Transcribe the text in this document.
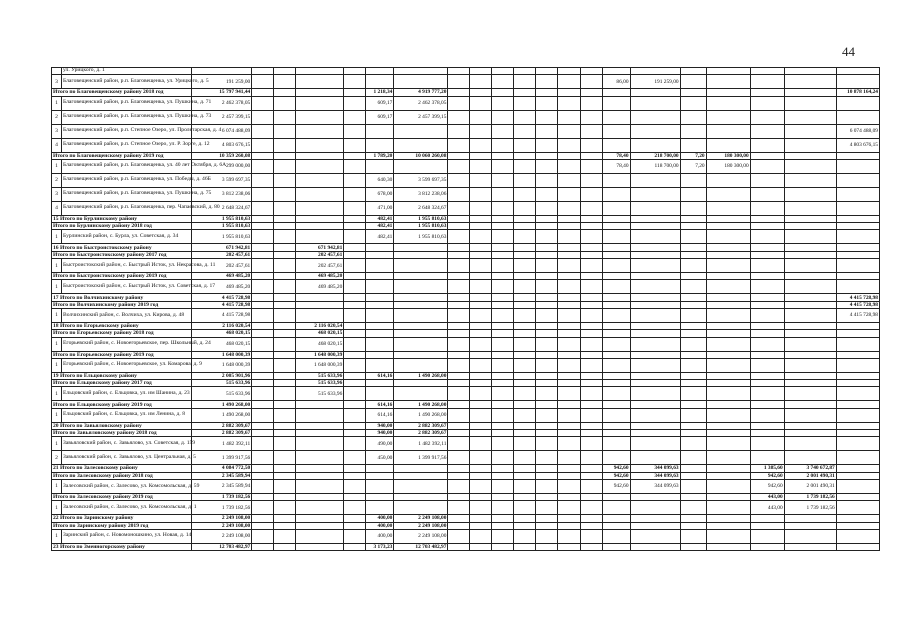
44
	ул. Урицкого, д. 1																					
3	Благовещенский район, р.п. Благовещенка, ул. Урицкого, д. 5	191 259,00														86,00	191 259,00					
Итого по Благовещенскому району 2018 год		15 797 941,44					1 218,34	4 919 777,20														10 878 164,24
1	Благовещенский район, р.п. Благовещенка, ул. Пушкина, д. 71	2 462 378,05					609,17	2 462 378,05														
2	Благовещенский район, р.п. Благовещенка, ул. Пушкина, д. 73	2 457 399,15					609,17	2 457 399,15														
3	Благовещенский район, р.п. Степное Озеро, ул. Пролетарская, д. 4	6 074 488,09																				6 074 488,09
4	Благовещенский район, р.п. Степное Озеро, ул. Р. Зорге, д. 12	4 803 676,15																				4 803 676,15
Итого по Благовещенскому району 2019 год		10 359 260,08					1 789,20	10 060 260,08								78,40	218 700,00	7,20	180 300,00			
1	Благовещенский район, р.п. Благовещенка, ул. 40 лет Октября, д. 6А	299 000,00														78,40	118 700,00	7,20	180 300,00			
2	Благовещенский район, р.п. Благовещенка, ул. Победы, д. 46Б	3 599 697,35					640,30	3 599 697,35														
3	Благовещенский район, р.п. Благовещенка, ул. Пушкина, д. 75	3 812 238,06					678,00	3 812 238,06														
4	Благовещенский район, р.п. Благовещенка, пер. Чапаевский, д. 80	2 648 324,67					471,00	2 648 324,67														
15 Итого по Бурлинскому району		1 955 810,63					482,41	1 955 810,63														
Итого по Бурлинскому району 2018 год		1 955 810,63					482,41	1 955 810,63														
1	Бурлинский район, с. Бурла, ул. Советская, д. 34	1 955 810,63					482,41	1 955 810,63														
16 Итого по Быстроистокскому району		671 942,81			671 942,81																	
Итого по Быстроистокскому району 2017 год		202 457,61			202 457,61																	
1	Быстроистокский район, с. Быстрый Исток, ул. Некрасова, д. 11	202 457,61			202 457,61																	
Итого по Быстроистокскому району 2019 год		469 485,20			469 485,20																	
1	Быстроистокский район, с. Быстрый Исток, ул. Советская, д. 17	469 485,20			469 485,20																	
17 Итого по Волчихинскому району		4 415 728,98																				4 415 728,98
Итого по Волчихинскому району 2019 год		4 415 728,98																				4 415 728,98
1	Волчихинский район, с. Волчиха, ул. Кирова, д. 48	4 415 728,98																				4 415 728,98
18 Итого по Егорьевскому району		2 116 020,54			2 116 020,54																	
Итого по Егорьевскому району 2018 год		468 020,15			468 020,15																	
1	Егорьевский район, с. Новоегорьевское, пер. Школьный, д. 24	468 020,15			468 020,15																	
Итого по Егорьевскому району 2019 год		1 648 000,39			1 648 000,39																	
1	Егорьевский район, с. Новоегорьевское, ул. Комарова, д. 9	1 648 000,39			1 648 000,39																	
19 Итого по Ельцовскому району		2 005 901,96			515 633,96		614,16	1 490 268,00														
Итого по Ельцовскому району 2017 год		515 633,96			515 633,96																	
1	Ельцовский район, с. Ельцовка, ул. им Шанина, д. 23	515 633,96			515 633,96																	
Итого по Ельцовскому району 2019 год		1 490 268,00					614,16	1 490 268,00														
1	Ельцовский район, с. Ельцовка, ул. им Ленина, д. 8	1 490 268,00					614,16	1 490 268,00														
20 Итого по Завьяловскому району		2 882 309,67					940,00	2 882 309,67														
Итого по Завьяловскому району 2018 год		2 882 309,67					940,00	2 882 309,67														
1	Завьяловский район, с. Завьялово, ул. Советская, д. 159	1 482 392,11					490,00	1 482 392,11														
2	Завьяловский район, с. Завьялово, ул. Центральная, д. 5	1 399 917,56					450,00	1 399 917,56														
21 Итого по Залесовскому району		4 084 772,50														942,60	344 099,63			1 385,60	3 740 672,87	
Итого по Залесовскому району 2018 год		2 345 589,94														942,60	344 099,63			942,60	2 001 490,31	
1	Залесовский район, с. Залесово, ул. Комсомольская, д. 59	2 345 589,94														942,60	344 099,63			942,60	2 001 490,31	
Итого по Залесовскому району 2019 год		1 739 182,56																		443,00	1 739 182,56	
1	Залесовский район, с. Залесово, ул. Комсомольская, д. 1	1 739 182,56																		443,00	1 739 182,56	
22 Итого по Заринскому району		2 249 108,00					400,00	2 249 108,00														
Итого по Заринскому району 2019 год		2 249 108,00					400,00	2 249 108,00														
1	Заринский район, с. Новомоношкино, ул. Новая, д. 14	2 249 108,00					400,00	2 249 108,00														
23 Итого по Змеиногорскому району		12 703 482,97					3 173,23	12 703 482,97														
